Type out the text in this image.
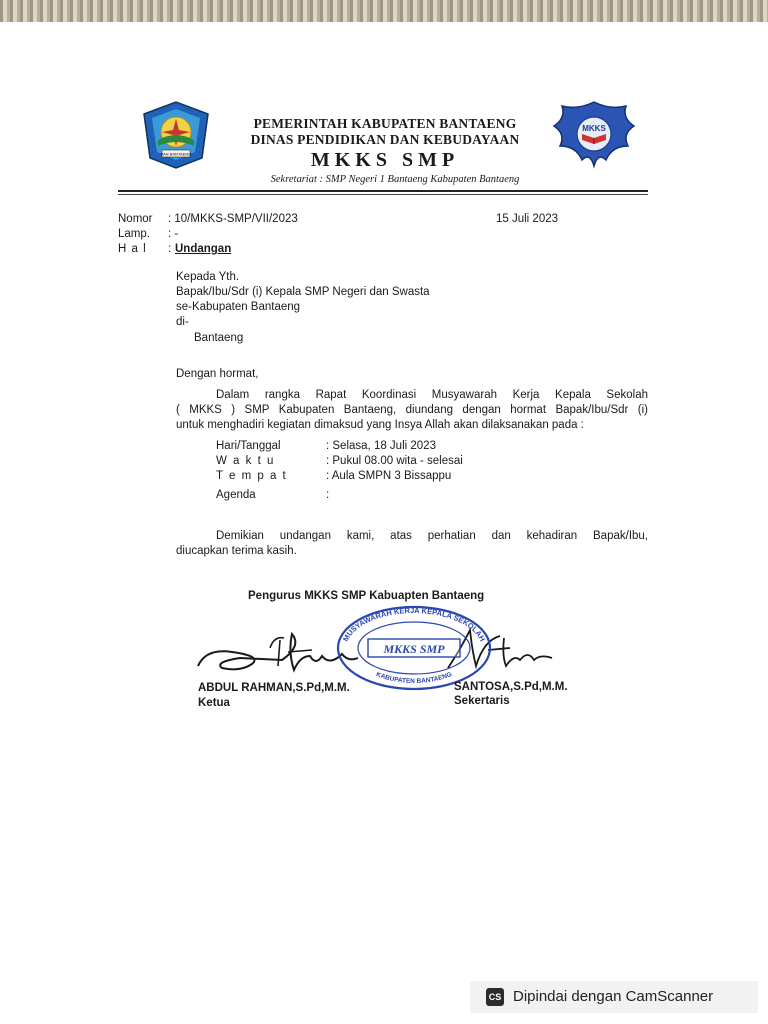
PAN BANTAENG
MKKS
PEMERINTAH KABUPATEN BANTAENG
DINAS PENDIDIKAN DAN KEBUDAYAAN
MKKS SMP
Sekretariat : SMP Negeri 1 Bantaeng Kabupaten Bantaeng
Nomor : 10/MKKS-SMP/VII/2023	15 Juli 2023
Lamp. : -
H a l : Undangan
Kepada Yth.
Bapak/Ibu/Sdr (i) Kepala SMP Negeri dan Swasta
se-Kabupaten Bantaeng
di-
Bantaeng
Dengan hormat,
Dalam rangka Rapat Koordinasi Musyawarah Kerja Kepala Sekolah
( MKKS ) SMP Kabupaten Bantaeng, diundang dengan hormat Bapak/Ibu/Sdr (i)
untuk menghadiri kegiatan dimaksud yang Insya Allah akan dilaksanakan pada :
Hari/Tanggal	: Selasa, 18 Juli 2023
W a k t u	: Pukul 08.00 wita - selesai
T e m p a t	: Aula SMPN 3 Bissappu
Agenda	:
Demikian undangan kami, atas perhatian dan kehadiran Bapak/Ibu,
diucapkan terima kasih.
Pengurus MKKS SMP Kabuapten Bantaeng
MKKS SMP
MUSYAWARAH KERJA KEPALA SEKOLAH
KABUPATEN BANTAENG
ABDUL RAHMAN,S.Pd,M.M.
Ketua
SANTOSA,S.Pd,M.M.
Sekertaris
CS Dipindai dengan CamScanner
